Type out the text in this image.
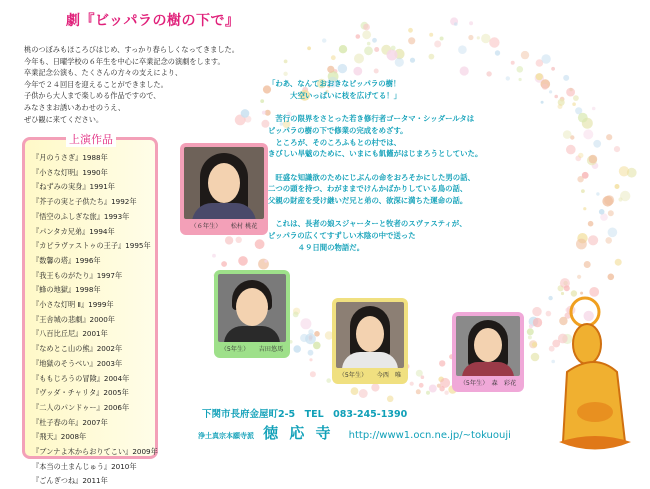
劇『ビッパラの樹の下で』
桃のつぼみもほころびはじめ、すっかり春らしくなってきました。
今年も、日曜学校の６年生を中心に卒業記念の演劇をします。
卒業記念公演も、たくさんの方々の支えにより、
今年で２４回目を迎えることができました。
子供から大人まで楽しめる作品ですので、
みなさまお誘いあわせのうえ、
ぜひ観に来てください。
上演作品
『月のうさぎ』1988年
『小さな灯明』1990年
『ねずみの実身』1991年
『芥子の実と子供たち』1992年
『悟空のふしぎな旅』1993年
『パンタカ兄弟』1994年
『カピラヴァストゥの王子』1995年
『数馨の塔』1996年
『我王ものがたり』1997年
『蜂の地獄』1998年
『小さな灯明 Ⅱ』1999年
『王舎城の悲劇』2000年
『八百比丘尼』2001年
『なめとこ山の熊』2002年
『地獄のそうべい』2003年
『ももじろうの冒険』2004年
『ヴッダ・チャリタ』2005年
『二人のパンドゥー』2006年
『杜子春の年』2007年
『飛天』2008年
『ブンナよ木からおりてこい』2009年
『本当の土まんじゅう』2010年
『ごんぎつね』2011年
「わあ、なんておおきなビッパラの樹！
　　　大空いっぱいに枝を広げてる！」

　苦行の限界をさとった若き修行者ゴータマ・シッダールタは
ビッパラの樹の下で修業の完成をめざす。
　ところが、そのころふもとの村では、
きびしい旱魃のために、いまにも飢饉がはじまろうとしていた。

　旺盛な知識欲のためにじぶんの命をおろそかにした男の話、
二つの頭を持つ、わがままでけんかばかりしている鳥の話、
父親の財産を受け継いだ兄と弟の、欲深に満ちた運命の話。

　これは、長者の娘スジャーターと牧者のスヴァスティが、
ビッパラの広くてすずしい木陰の中で送った
　　　　４９日間の物語だ。
（６年生）　　松村 桃花
（5年生）　　吉田悠馬
（5年生）　　今西　唯
（5年生）　森　彩花
下関市長府金屋町2-5　TEL　083-245-1390
浄土真宗本願寺派 徳 応 寺 http://www1.ocn.ne.jp/~tokuouji
